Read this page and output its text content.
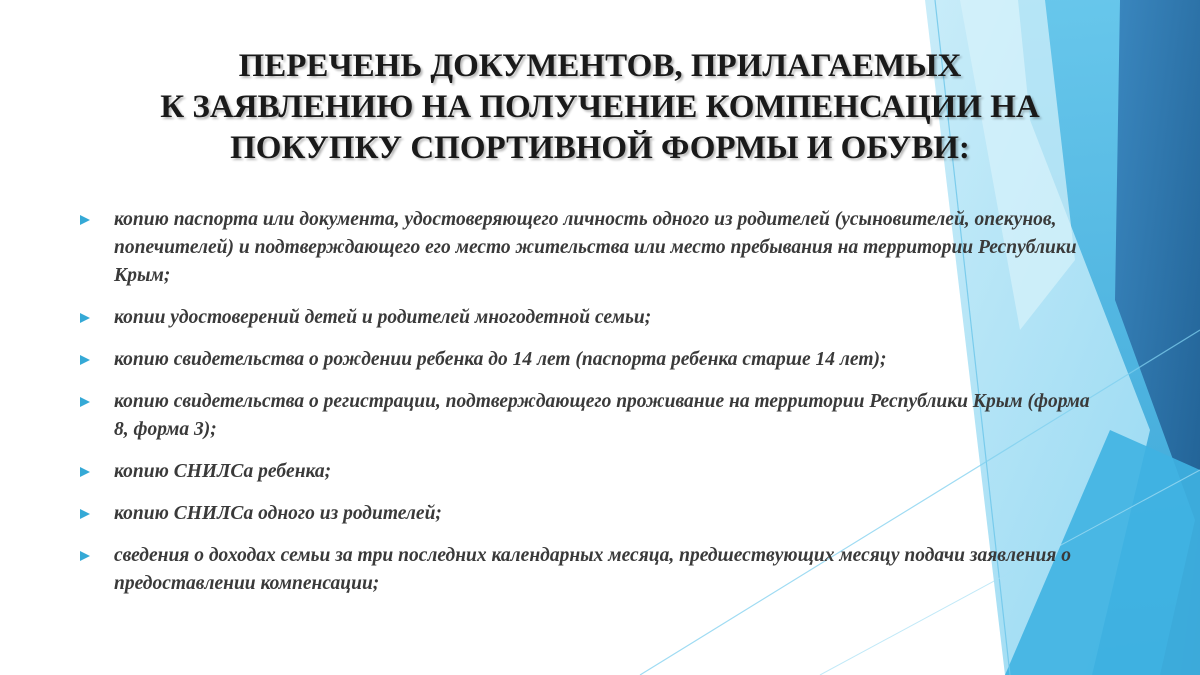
ПЕРЕЧЕНЬ ДОКУМЕНТОВ, ПРИЛАГАЕМЫХ
К ЗАЯВЛЕНИЮ НА ПОЛУЧЕНИЕ КОМПЕНСАЦИИ НА
ПОКУПКУ СПОРТИВНОЙ ФОРМЫ И ОБУВИ:
копию паспорта или документа, удостоверяющего личность одного из родителей (усыновителей, опекунов, попечителей) и подтверждающего его место жительства или место пребывания на территории Республики Крым;
копии удостоверений детей и родителей многодетной семьи;
копию свидетельства о рождении ребенка до 14 лет (паспорта ребенка старше 14 лет);
копию свидетельства о регистрации, подтверждающего проживание на территории Республики Крым (форма 8, форма 3);
копию СНИЛСа ребенка;
копию СНИЛСа одного из родителей;
сведения о доходах семьи за три последних календарных месяца, предшествующих месяцу подачи заявления о предоставлении компенсации;
